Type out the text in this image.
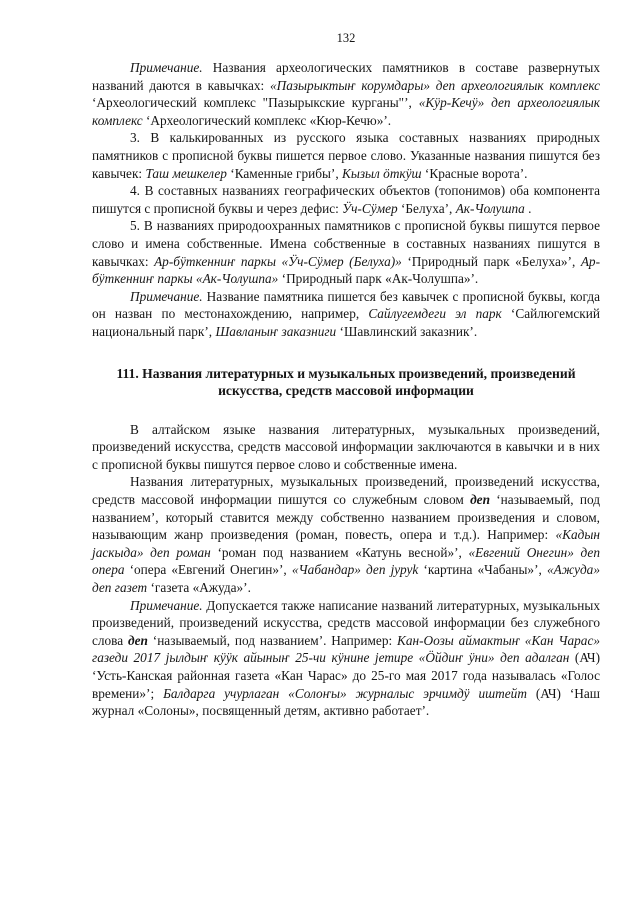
132

Примечание. Названия археологических памятников в составе развернутых названий даются в кавычках: «Пазырыктыҥ корумдары» деп археологиялык комплекс ‘Археологический комплекс "Пазырыкские курганы"’, «Кӱр-Кечӱ» деп археологиялык комплекс ‘Археологический комплекс «Кюр-Кечю»’.

3. В калькированных из русского языка составных названиях природных памятников с прописной буквы пишется первое слово. Указанные названия пишутся без кавычек: Таш мешкелер ‘Каменные грибы’, Кызыл ӧткӱш ‘Красные ворота’.

4. В составных названиях географических объектов (топонимов) оба компонента пишутся с прописной буквы и через дефис: Ӱч-Сӱмер ‘Белуха’, Ак-Чолушпа .

5. В названиях природоохранных памятников с прописной буквы пишутся первое слово и имена собственные. Имена собственные в составных названиях пишутся в кавычках: Ар-бӱткенниҥ паркы «Ӱч-Сӱмер (Белуха)» ‘Природный парк «Белуха»’, Ар-бӱткенниҥ паркы «Ак-Чолушпа» ‘Природный парк «Ак-Чолушпа»’.

Примечание. Название памятника пишется без кавычек с прописной буквы, когда он назван по местонахождению, например, Сайлугемдеги эл парк ‘Сайлюгемский национальный парк’, Шавланыҥ заказниги ‘Шавлинский заказник’.

111. Названия литературных и музыкальных произведений, произведений искусства, средств массовой информации

В алтайском языке названия литературных, музыкальных произведений, произведений искусства, средств массовой информации заключаются в кавычки и в них с прописной буквы пишутся первое слово и собственные имена.

Названия литературных, музыкальных произведений, произведений искусства, средств массовой информации пишутся со служебным словом деп ‘называемый, под названием’, который ставится между собственно названием произведения и словом, называющим жанр произведения (роман, повесть, опера и т.д.). Например: «Кадын јаскыда» деп роман ‘роман под названием «Катунь весной»’, «Евгений Онегин» деп опера ‘опера «Евгений Онегин»’, «Чабандар» деп јуруk ‘картина «Чабаны»’, «Ажуда» деп газет ‘газета «Ажуда»’.

Примечание. Допускается также написание названий литературных, музыкальных произведений, произведений искусства, средств массовой информации без служебного слова деп ‘называемый, под названием’. Например: Кан-Оозы аймактыҥ «Кан Чарас» газеди 2017 јылдыҥ кӱӱк айыныҥ 25-чи кӱнине јетире «Ӧйдиҥ ӱни» деп адалган (АЧ) ‘Усть-Канская районная газета «Кан Чарас» до 25-го мая 2017 года называлась «Голос времени»’; Балдарга учурлаган «Солоҥы» журналыс эрчимдӱ иштейт (АЧ) ‘Наш журнал «Солоны», посвященный детям, активно работает’.
